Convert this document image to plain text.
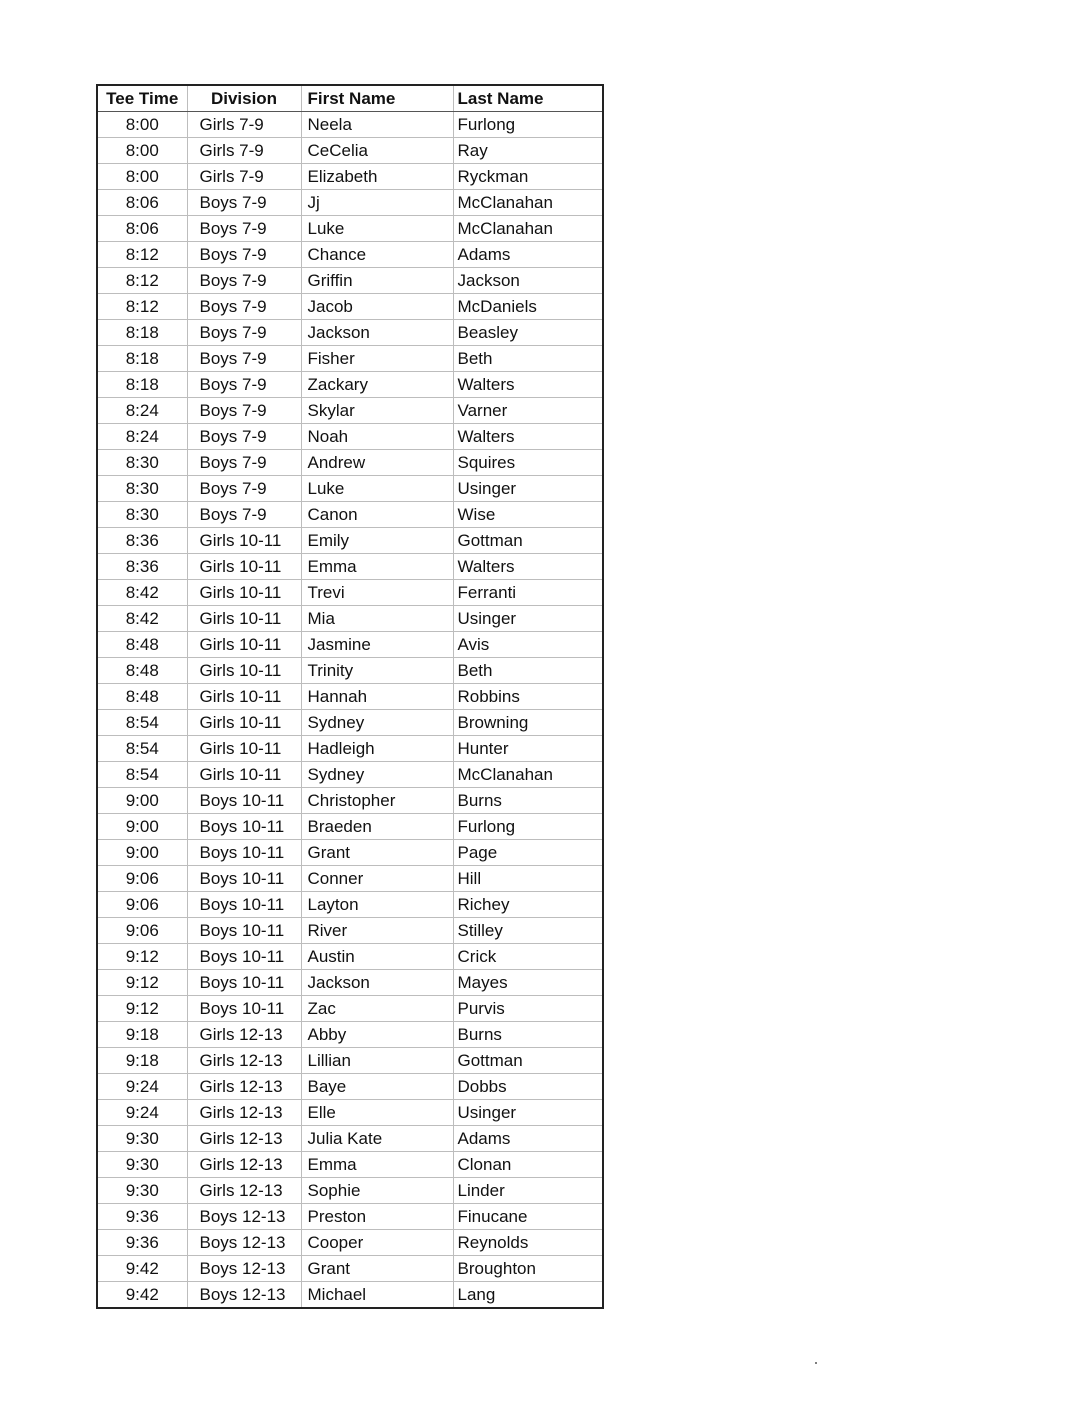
Tee Time	Division	First Name	Last Name
8:00	Girls 7-9	Neela	Furlong
8:00	Girls 7-9	CeCelia	Ray
8:00	Girls 7-9	Elizabeth	Ryckman
8:06	Boys 7-9	Jj	McClanahan
8:06	Boys 7-9	Luke	McClanahan
8:12	Boys 7-9	Chance	Adams
8:12	Boys 7-9	Griffin	Jackson
8:12	Boys 7-9	Jacob	McDaniels
8:18	Boys 7-9	Jackson	Beasley
8:18	Boys 7-9	Fisher	Beth
8:18	Boys 7-9	Zackary	Walters
8:24	Boys 7-9	Skylar	Varner
8:24	Boys 7-9	Noah	Walters
8:30	Boys 7-9	Andrew	Squires
8:30	Boys 7-9	Luke	Usinger
8:30	Boys 7-9	Canon	Wise
8:36	Girls 10-11	Emily	Gottman
8:36	Girls 10-11	Emma	Walters
8:42	Girls 10-11	Trevi	Ferranti
8:42	Girls 10-11	Mia	Usinger
8:48	Girls 10-11	Jasmine	Avis
8:48	Girls 10-11	Trinity	Beth
8:48	Girls 10-11	Hannah	Robbins
8:54	Girls 10-11	Sydney	Browning
8:54	Girls 10-11	Hadleigh	Hunter
8:54	Girls 10-11	Sydney	McClanahan
9:00	Boys 10-11	Christopher	Burns
9:00	Boys 10-11	Braeden	Furlong
9:00	Boys 10-11	Grant	Page
9:06	Boys 10-11	Conner	Hill
9:06	Boys 10-11	Layton	Richey
9:06	Boys 10-11	River	Stilley
9:12	Boys 10-11	Austin	Crick
9:12	Boys 10-11	Jackson	Mayes
9:12	Boys 10-11	Zac	Purvis
9:18	Girls 12-13	Abby	Burns
9:18	Girls 12-13	Lillian	Gottman
9:24	Girls 12-13	Baye	Dobbs
9:24	Girls 12-13	Elle	Usinger
9:30	Girls 12-13	Julia Kate	Adams
9:30	Girls 12-13	Emma	Clonan
9:30	Girls 12-13	Sophie	Linder
9:36	Boys 12-13	Preston	Finucane
9:36	Boys 12-13	Cooper	Reynolds
9:42	Boys 12-13	Grant	Broughton
9:42	Boys 12-13	Michael	Lang
